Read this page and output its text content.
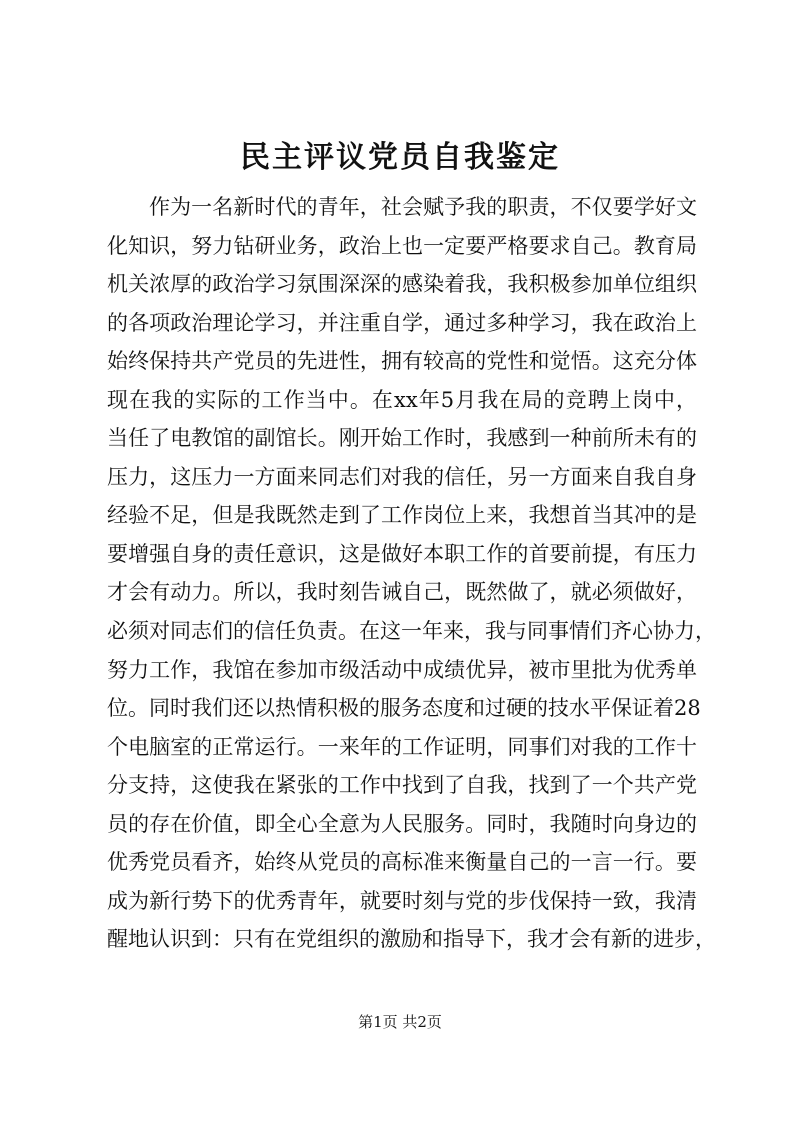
民主评议党员自我鉴定
作为一名新时代的青年，社会赋予我的职责，不仅要学好文
化知识，努力钻研业务，政治上也一定要严格要求自己。教育局
机关浓厚的政治学习氛围深深的感染着我，我积极参加单位组织
的各项政治理论学习，并注重自学，通过多种学习，我在政治上
始终保持共产党员的先进性，拥有较高的党性和觉悟。这充分体
现在我的实际的工作当中。在xx年5月我在局的竞聘上岗中，
当任了电教馆的副馆长。刚开始工作时，我感到一种前所未有的
压力，这压力一方面来同志们对我的信任，另一方面来自我自身
经验不足，但是我既然走到了工作岗位上来，我想首当其冲的是
要增强自身的责任意识，这是做好本职工作的首要前提，有压力
才会有动力。所以，我时刻告诫自己，既然做了，就必须做好，
必须对同志们的信任负责。在这一年来，我与同事情们齐心协力，
努力工作，我馆在参加市级活动中成绩优异，被市里批为优秀单
位。同时我们还以热情积极的服务态度和过硬的技水平保证着28
个电脑室的正常运行。一来年的工作证明，同事们对我的工作十
分支持，这使我在紧张的工作中找到了自我，找到了一个共产党
员的存在价值，即全心全意为人民服务。同时，我随时向身边的
优秀党员看齐，始终从党员的高标准来衡量自己的一言一行。要
成为新行势下的优秀青年，就要时刻与党的步伐保持一致，我清
醒地认识到：只有在党组织的激励和指导下，我才会有新的进步，
第1页 共2页
